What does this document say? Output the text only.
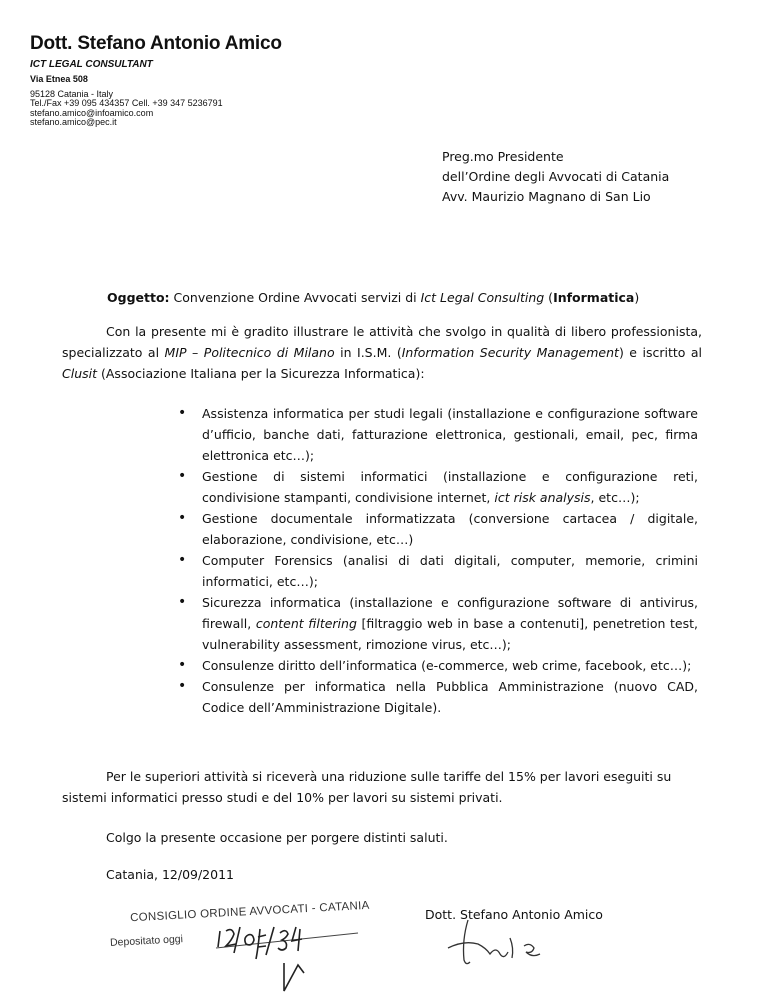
Dott. Stefano Antonio Amico
ICT LEGAL CONSULTANT
Via Etnea 508
95128 Catania - Italy
Tel./Fax +39 095 434357 Cell. +39 347 5236791
stefano.amico@infoamico.com
stefano.amico@pec.it
Preg.mo Presidente
dell’Ordine degli Avvocati di Catania
Avv. Maurizio Magnano di San Lio
Oggetto: Convenzione Ordine Avvocati servizi di Ict Legal Consulting (Informatica)
Con la presente mi è gradito illustrare le attività che svolgo in qualità di libero professionista, specializzato al MIP – Politecnico di Milano in I.S.M. (Information Security Management) e iscritto al Clusit (Associazione Italiana per la Sicurezza Informatica):
• Assistenza informatica per studi legali (installazione e configurazione software d’ufficio, banche dati, fatturazione elettronica, gestionali, email, pec, firma elettronica etc…);
• Gestione di sistemi informatici (installazione e configurazione reti, condivisione stampanti, condivisione internet, ict risk analysis, etc…);
• Gestione documentale informatizzata (conversione cartacea / digitale, elaborazione, condivisione, etc…)
• Computer Forensics (analisi di dati digitali, computer, memorie, crimini informatici, etc…);
• Sicurezza informatica (installazione e configurazione software di antivirus, firewall, content filtering [filtraggio web in base a contenuti], penetretion test, vulnerability assessment, rimozione virus, etc…);
• Consulenze diritto dell’informatica (e-commerce, web crime, facebook, etc…);
• Consulenze per informatica nella Pubblica Amministrazione (nuovo CAD, Codice dell’Amministrazione Digitale).
Per le superiori attività si riceverà una riduzione sulle tariffe del 15% per lavori eseguiti su sistemi informatici presso studi e del 10% per lavori su sistemi privati.
Colgo la presente occasione per porgere distinti saluti.
Catania, 12/09/2011
Dott. Stefano Antonio Amico
CONSIGLIO ORDINE AVVOCATI - CATANIA
Depositato oggi
